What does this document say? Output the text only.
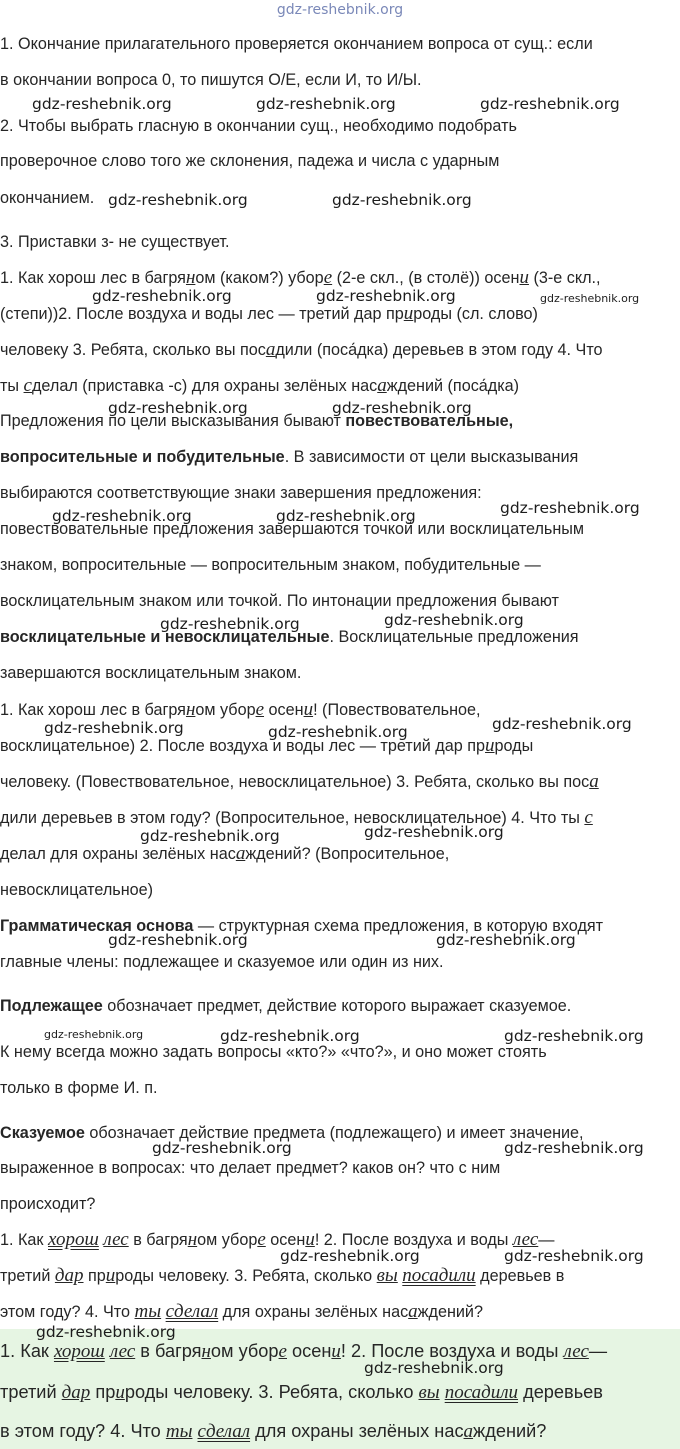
gdz-reshebnik.org
1. Окончание прилагательного проверяется окончанием вопроса от сущ.: если
в окончании вопроса 0, то пишутся О/Е, если И, то И/Ы.
2. Чтобы выбрать гласную в окончании сущ., необходимо подобрать
проверочное слово того же склонения, падежа и числа с ударным
окончанием.
3. Приставки з- не существует.
1. Как хорош лес в багряном (каком?) уборе (2-е скл., (в столё)) осени (3-е скл.,
(степи))2. После воздуха и воды лес — третий дар природы (сл. слово)
человеку 3. Ребята, сколько вы посадили (поса́дка) деревьев в этом году 4. Что
ты сделал (приставка -с) для охраны зелёных насаждений (поса́дка)
Предложения по цели высказывания бывают повествовательные,
вопросительные и побудительные. В зависимости от цели высказывания
выбираются соответствующие знаки завершения предложения:
повествовательные предложения завершаются точкой или восклицательным
знаком, вопросительные — вопросительным знаком, побудительные —
восклицательным знаком или точкой. По интонации предложения бывают
восклицательные и невосклицательные. Восклицательные предложения
завершаются восклицательным знаком.
1. Как хорош лес в багряном уборе осени! (Повествовательное,
восклицательное) 2. После воздуха и воды лес — третий дар природы
человеку. (Повествовательное, невосклицательное) 3. Ребята, сколько вы поса
дили деревьев в этом году? (Вопросительное, невосклицательное) 4. Что ты с
делал для охраны зелёных насаждений? (Вопросительное,
невосклицательное)
Грамматическая основа — структурная схема предложения, в которую входят
главные члены: подлежащее и сказуемое или один из них.
Подлежащее обозначает предмет, действие которого выражает сказуемое.
К нему всегда можно задать вопросы «кто?» «что?», и оно может стоять
только в форме И. п.
Сказуемое обозначает действие предмета (подлежащего) и имеет значение,
выраженное в вопросах: что делает предмет? каков он? что с ним
происходит?
1. Как хорош лес в багряном уборе осени! 2. После воздуха и воды лес—
третий дар природы человеку. 3. Ребята, сколько вы посадили деревьев в
этом году? 4. Что ты сделал для охраны зелёных насаждений?
1. Как хорош лес в багряном уборе осени! 2. После воздуха и воды лес—
третий дар природы человеку. 3. Ребята, сколько вы посадили деревьев
в этом году? 4. Что ты сделал для охраны зелёных насаждений?
gdz-reshebnik.org	gdz-reshebnik.org	gdz-reshebnik.org
gdz-reshebnik.org	gdz-reshebnik.org
gdz-reshebnik.org	gdz-reshebnik.org	gdz-reshebnik.org
gdz-reshebnik.org	gdz-reshebnik.org
gdz-reshebnik.org
gdz-reshebnik.org	gdz-reshebnik.org
gdz-reshebnik.org
gdz-reshebnik.org
gdz-reshebnik.org
gdz-reshebnik.org	gdz-reshebnik.org
gdz-reshebnik.org
gdz-reshebnik.org
gdz-reshebnik.org	gdz-reshebnik.org
gdz-reshebnik.org	gdz-reshebnik.org	gdz-reshebnik.org
gdz-reshebnik.org	gdz-reshebnik.org
gdz-reshebnik.org	gdz-reshebnik.org
gdz-reshebnik.org
gdz-reshebnik.org
